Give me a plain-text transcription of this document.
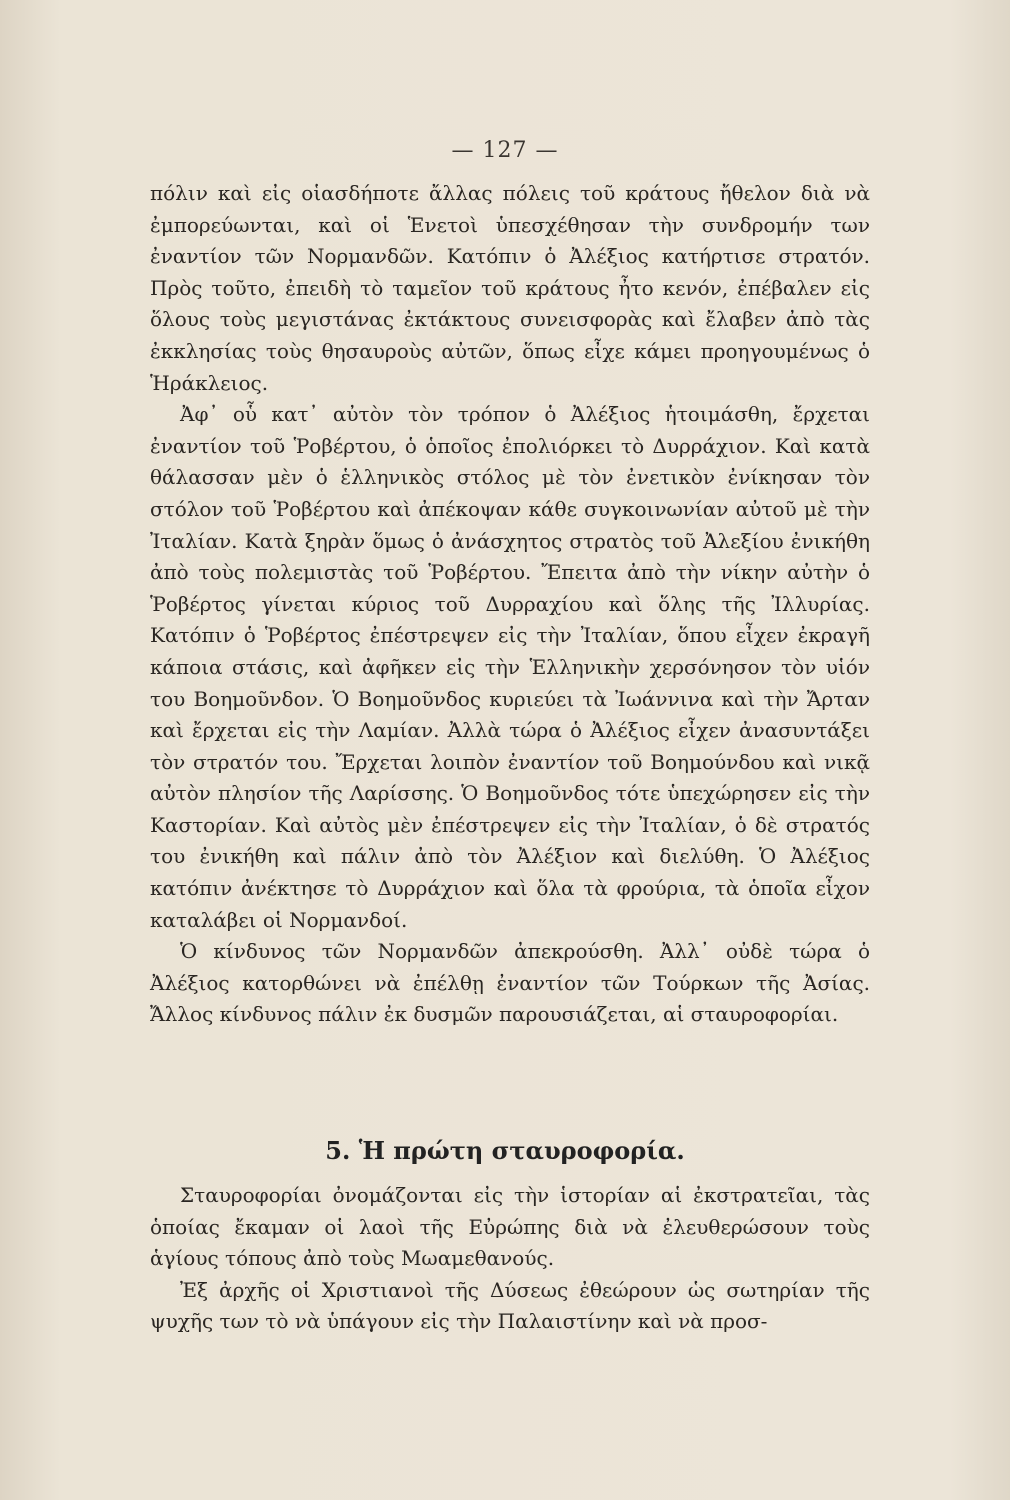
— 127 —

πόλιν καὶ εἰς οἱασδήποτε ἄλλας πόλεις τοῦ κράτους ἤθελον διὰ νὰ ἐμπορεύωνται, καὶ οἱ Ἑνετοὶ ὑπεσχέθησαν τὴν συνδρομήν των ἐναντίον τῶν Νορμανδῶν. Κατόπιν ὁ Ἀλέξιος κατήρτισε στρατόν. Πρὸς τοῦτο, ἐπειδὴ τὸ ταμεῖον τοῦ κράτους ἦτο κενόν, ἐπέβαλεν εἰς ὅλους τοὺς μεγιστάνας ἐκτάκτους συνεισφορὰς καὶ ἔλαβεν ἀπὸ τὰς ἐκκλησίας τοὺς θησαυροὺς αὐτῶν, ὅπως εἶχε κάμει προηγουμένως ὁ Ἡράκλειος.

Ἀφ᾽ οὗ κατ᾽ αὐτὸν τὸν τρόπον ὁ Ἀλέξιος ἡτοιμάσθη, ἔρχεται ἐναντίον τοῦ Ῥοβέρτου, ὁ ὁποῖος ἐπολιόρκει τὸ Δυρράχιον. Καὶ κατὰ θάλασσαν μὲν ὁ ἑλληνικὸς στόλος μὲ τὸν ἐνετικὸν ἐνίκησαν τὸν στόλον τοῦ Ῥοβέρτου καὶ ἀπέκοψαν κάθε συγκοινωνίαν αὐτοῦ μὲ τὴν Ἰταλίαν. Κατὰ ξηρὰν ὅμως ὁ ἀνάσχητος στρατὸς τοῦ Ἀλεξίου ἐνικήθη ἀπὸ τοὺς πολεμιστὰς τοῦ Ῥοβέρτου. Ἔπειτα ἀπὸ τὴν νίκην αὐτὴν ὁ Ῥοβέρτος γίνεται κύριος τοῦ Δυρραχίου καὶ ὅλης τῆς Ἰλλυρίας. Κατόπιν ὁ Ῥοβέρτος ἐπέστρεψεν εἰς τὴν Ἰταλίαν, ὅπου εἶχεν ἐκραγῆ κάποια στάσις, καὶ ἀφῆκεν εἰς τὴν Ἑλληνικὴν χερσόνησον τὸν υἱόν του Βοημοῦνδον. Ὁ Βοημοῦνδος κυριεύει τὰ Ἰωάννινα καὶ τὴν Ἄρταν καὶ ἔρχεται εἰς τὴν Λαμίαν. Ἀλλὰ τώρα ὁ Ἀλέξιος εἶχεν ἀνασυντάξει τὸν στρατόν του. Ἔρχεται λοιπὸν ἐναντίον τοῦ Βοημούνδου καὶ νικᾷ αὐτὸν πλησίον τῆς Λαρίσσης. Ὁ Βοημοῦνδος τότε ὑπεχώρησεν εἰς τὴν Καστορίαν. Καὶ αὐτὸς μὲν ἐπέστρεψεν εἰς τὴν Ἰταλίαν, ὁ δὲ στρατός του ἐνικήθη καὶ πάλιν ἀπὸ τὸν Ἀλέξιον καὶ διελύθη. Ὁ Ἀλέξιος κατόπιν ἀνέκτησε τὸ Δυρράχιον καὶ ὅλα τὰ φρούρια, τὰ ὁποῖα εἶχον καταλάβει οἱ Νορμανδοί.

Ὁ κίνδυνος τῶν Νορμανδῶν ἀπεκρούσθη. Ἀλλ᾽ οὐδὲ τώρα ὁ Ἀλέξιος κατορθώνει νὰ ἐπέλθῃ ἐναντίον τῶν Τούρκων τῆς Ἀσίας. Ἄλλος κίνδυνος πάλιν ἐκ δυσμῶν παρουσιάζεται, αἱ σταυροφορίαι.

5. Ἡ πρώτη σταυροφορία.

Σταυροφορίαι ὀνομάζονται εἰς τὴν ἱστορίαν αἱ ἐκστρατεῖαι, τὰς ὁποίας ἔκαμαν οἱ λαοὶ τῆς Εὐρώπης διὰ νὰ ἐλευθερώσουν τοὺς ἁγίους τόπους ἀπὸ τοὺς Μωαμεθανούς.

Ἐξ ἀρχῆς οἱ Χριστιανοὶ τῆς Δύσεως ἐθεώρουν ὡς σωτηρίαν τῆς ψυχῆς των τὸ νὰ ὑπάγουν εἰς τὴν Παλαιστίνην καὶ νὰ προσ-
